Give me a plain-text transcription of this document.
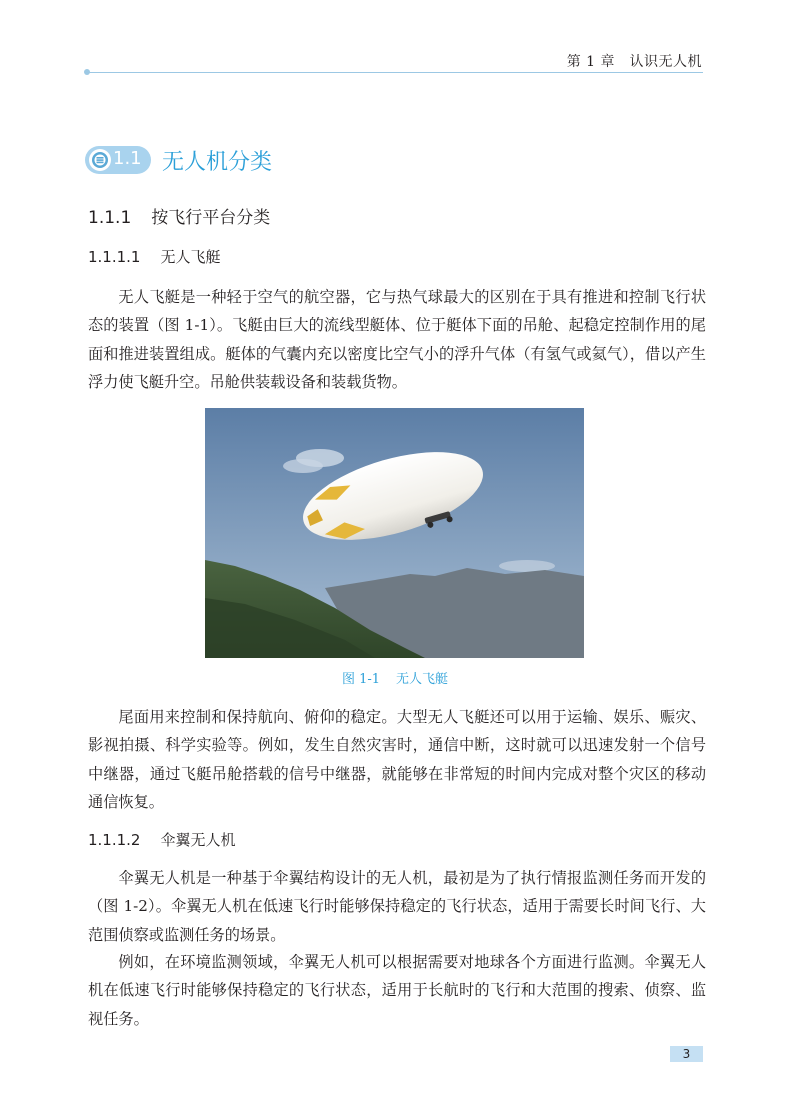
第 1 章　认识无人机
1.1 无人机分类
1.1.1 按飞行平台分类
1.1.1.1 无人飞艇

无人飞艇是一种轻于空气的航空器，它与热气球最大的区别在于具有推进和控制飞行状态的装置（图 1-1）。飞艇由巨大的流线型艇体、位于艇体下面的吊舱、起稳定控制作用的尾面和推进装置组成。艇体的气囊内充以密度比空气小的浮升气体（有氢气或氦气），借以产生浮力使飞艇升空。吊舱供装载设备和装载货物。

图 1-1 无人飞艇

尾面用来控制和保持航向、俯仰的稳定。大型无人飞艇还可以用于运输、娱乐、赈灾、影视拍摄、科学实验等。例如，发生自然灾害时，通信中断，这时就可以迅速发射一个信号中继器，通过飞艇吊舱搭载的信号中继器，就能够在非常短的时间内完成对整个灾区的移动通信恢复。

1.1.1.2 伞翼无人机

伞翼无人机是一种基于伞翼结构设计的无人机，最初是为了执行情报监测任务而开发的（图 1-2）。伞翼无人机在低速飞行时能够保持稳定的飞行状态，适用于需要长时间飞行、大范围侦察或监测任务的场景。

例如，在环境监测领域，伞翼无人机可以根据需要对地球各个方面进行监测。伞翼无人机在低速飞行时能够保持稳定的飞行状态，适用于长航时的飞行和大范围的搜索、侦察、监视任务。

3
